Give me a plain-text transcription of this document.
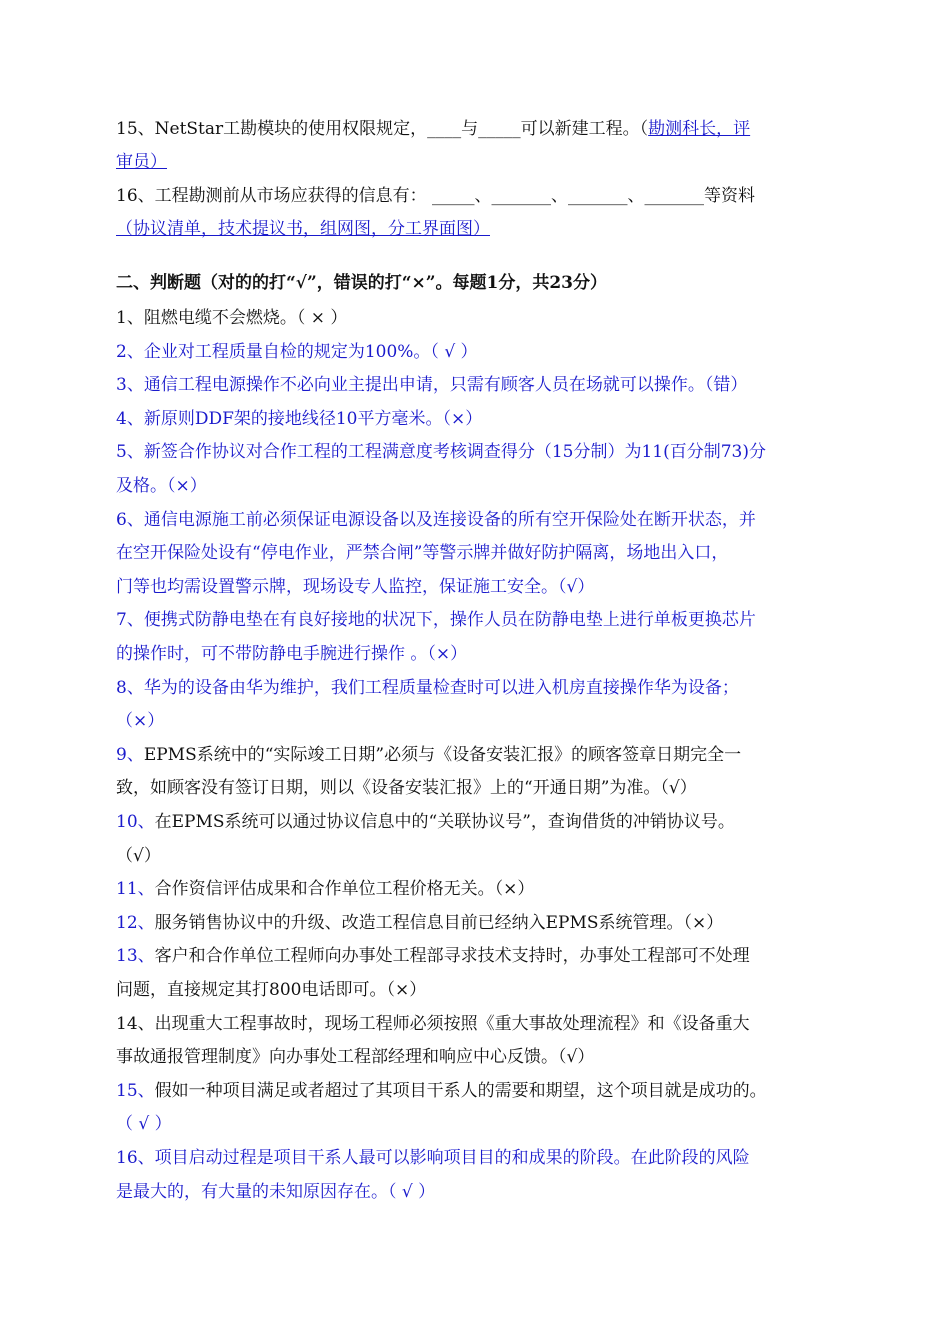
15、NetStar工勘模块的使用权限规定，____与_____可以新建工程。（勘测科长，评
审员）
16、工程勘测前从市场应获得的信息有： _____、_______、_______、_______等资料
（协议清单，技术提议书，组网图，分工界面图）
二、判断题（对的的打“√”，错误的打“×”。每题1分，共23分）
1、阻燃电缆不会燃烧。（ × ）
2、企业对工程质量自检的规定为100%。（ √ ）
3、通信工程电源操作不必向业主提出申请，只需有顾客人员在场就可以操作。（错）
4、新原则DDF架的接地线径10平方毫米。（×）
5、新签合作协议对合作工程的工程满意度考核调查得分（15分制）为11(百分制73)分
及格。（×）
6、通信电源施工前必须保证电源设备以及连接设备的所有空开保险处在断开状态，并
在空开保险处设有“停电作业，严禁合闸”等警示牌并做好防护隔离，场地出入口，
门等也均需设置警示牌，现场设专人监控，保证施工安全。（√）
7、便携式防静电垫在有良好接地的状况下，操作人员在防静电垫上进行单板更换芯片
的操作时，可不带防静电手腕进行操作 。（×）
8、华为的设备由华为维护，我们工程质量检查时可以进入机房直接操作华为设备；
（×）
9、EPMS系统中的“实际竣工日期”必须与《设备安装汇报》的顾客签章日期完全一
致，如顾客没有签订日期，则以《设备安装汇报》上的“开通日期”为准。（√）
10、在EPMS系统可以通过协议信息中的“关联协议号”，查询借货的冲销协议号。
（√）
11、合作资信评估成果和合作单位工程价格无关。（×）
12、服务销售协议中的升级、改造工程信息目前已经纳入EPMS系统管理。（×）
13、客户和合作单位工程师向办事处工程部寻求技术支持时，办事处工程部可不处理
问题，直接规定其打800电话即可。（×）
14、出现重大工程事故时，现场工程师必须按照《重大事故处理流程》和《设备重大
事故通报管理制度》向办事处工程部经理和响应中心反馈。（√）
15、假如一种项目满足或者超过了其项目干系人的需要和期望，这个项目就是成功的。
（ √ ）
16、项目启动过程是项目干系人最可以影响项目目的和成果的阶段。在此阶段的风险
是最大的，有大量的未知原因存在。（ √ ）
